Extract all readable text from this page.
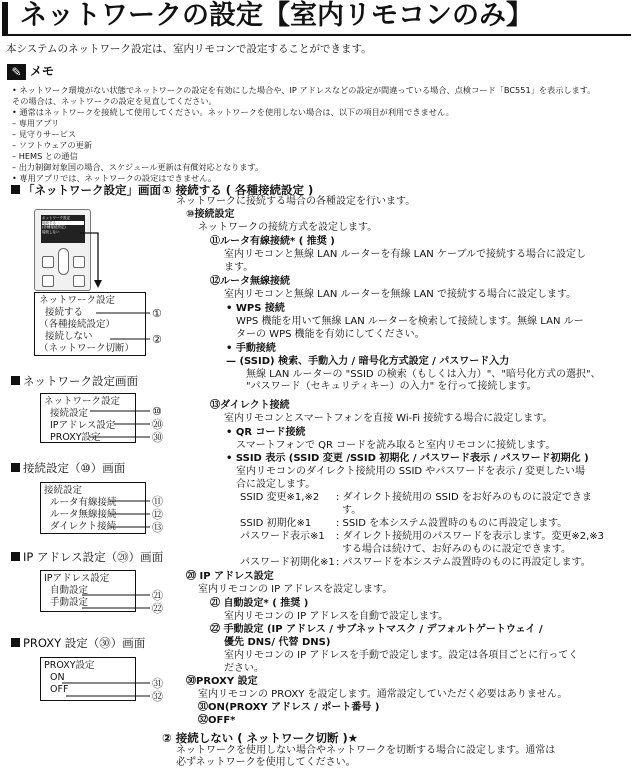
ネットワークの設定【室内リモコンのみ】
本システムのネットワーク設定は、室内リモコンで設定することができます。
✎ メモ
• ネットワーク環境がない状態でネットワークの設定を有効にした場合や、IP アドレスなどの設定が間違っている場合、点検コード「BC551」を表示します。
その場合は、ネットワークの設定を見直してください。
• 通常はネットワークを接続して使用してください。ネットワークを使用しない場合は、以下の項目が利用できません。
– 専用アプリ
– 見守りサービス
– ソフトウェアの更新
– HEMS との通信
– 出力制御対象国の場合、スケジュール更新は有償対応となります。
• 専用アプリでは、ネットワークの設定はできません。
「ネットワーク設定」画面
ネットワーク設定
接続する
(各種接続設定)
接続しない
ネットワーク設定
接続する
（各種接続設定）
接続しない
（ネットワーク切断）
①
②
ネットワーク設定画面
ネットワーク設定
接続設定
IPアドレス設定
PROXY設定
⑩
⑳
㉚
接続設定（⑩）画面
接続設定
ルータ有線接続
ルータ無線接続
ダイレクト接続
⑪
⑫
⑬
IP アドレス設定（⑳）画面
IPアドレス設定
自動設定
手動設定
㉑
㉒
PROXY 設定（㉚）画面
PROXY設定
ON
OFF	㉛
㉜
① 接続する ( 各種接続設定 )
ネットワークに接続する場合の各種設定を行います。
⑩接続設定
ネットワークの接続方式を設定します。
⑪ルータ有線接続* ( 推奨 )
室内リモコンと無線 LAN ルーターを有線 LAN ケーブルで接続する場合に設定し
ます。
⑫ルータ無線接続
室内リモコンと無線 LAN ルーターを無線 LAN で接続する場合に設定します。
• WPS 接続
WPS 機能を用いて無線 LAN ルーターを検索して接続します。無線 LAN ルー
ターの WPS 機能を有効にしてください。
• 手動接続
— (SSID) 検索、手動入力 / 暗号化方式設定 / パスワード入力
無線 LAN ルーターの "SSID の検索（もしくは入力）"、"暗号化方式の選択"、
"パスワード（セキュリティキー）の入力" を行って接続します。
⑬ダイレクト接続
室内リモコンとスマートフォンを直接 Wi-Fi 接続する場合に設定します。
• QR コード接続
スマートフォンで QR コードを読み取ると室内リモコンに接続します。
• SSID 表示 (SSID 変更 /SSID 初期化 / パスワード表示 / パスワード初期化 )
室内リモコンのダイレクト接続用の SSID やパスワードを表示 / 変更したい場
合に設定します。
SSID 変更※1,※2 : ダイレクト接続用の SSID をお好みのものに設定できま
す。
SSID 初期化※1 : SSID を本システム設置時のものに再設定します。
パスワード表示※1 : ダイレクト接続用のパスワードを表示します。変更※2,※3
する場合は続けて、お好みのものに設定できます。
パスワード初期化※1 : パスワードを本システム設置時のものに再設定します。
⑳ IP アドレス設定
室内リモコンの IP アドレスを設定します。
㉑ 自動設定* ( 推奨 )
室内リモコンの IP アドレスを自動で設定します。
㉒ 手動設定 (IP アドレス / サブネットマスク / デフォルトゲートウェイ /
優先 DNS/ 代替 DNS)
室内リモコンの IP アドレスを手動で設定します。設定は各項目ごとに行ってく
ださい。
㉚PROXY 設定
室内リモコンの PROXY を設定します。通常設定していただく必要はありません。
㉛ON(PROXY アドレス / ポート番号 )
㉜OFF*
② 接続しない ( ネットワーク切断 )★
ネットワークを使用しない場合やネットワークを切断する場合に設定します。通常は
必ずネットワークを使用してください。
